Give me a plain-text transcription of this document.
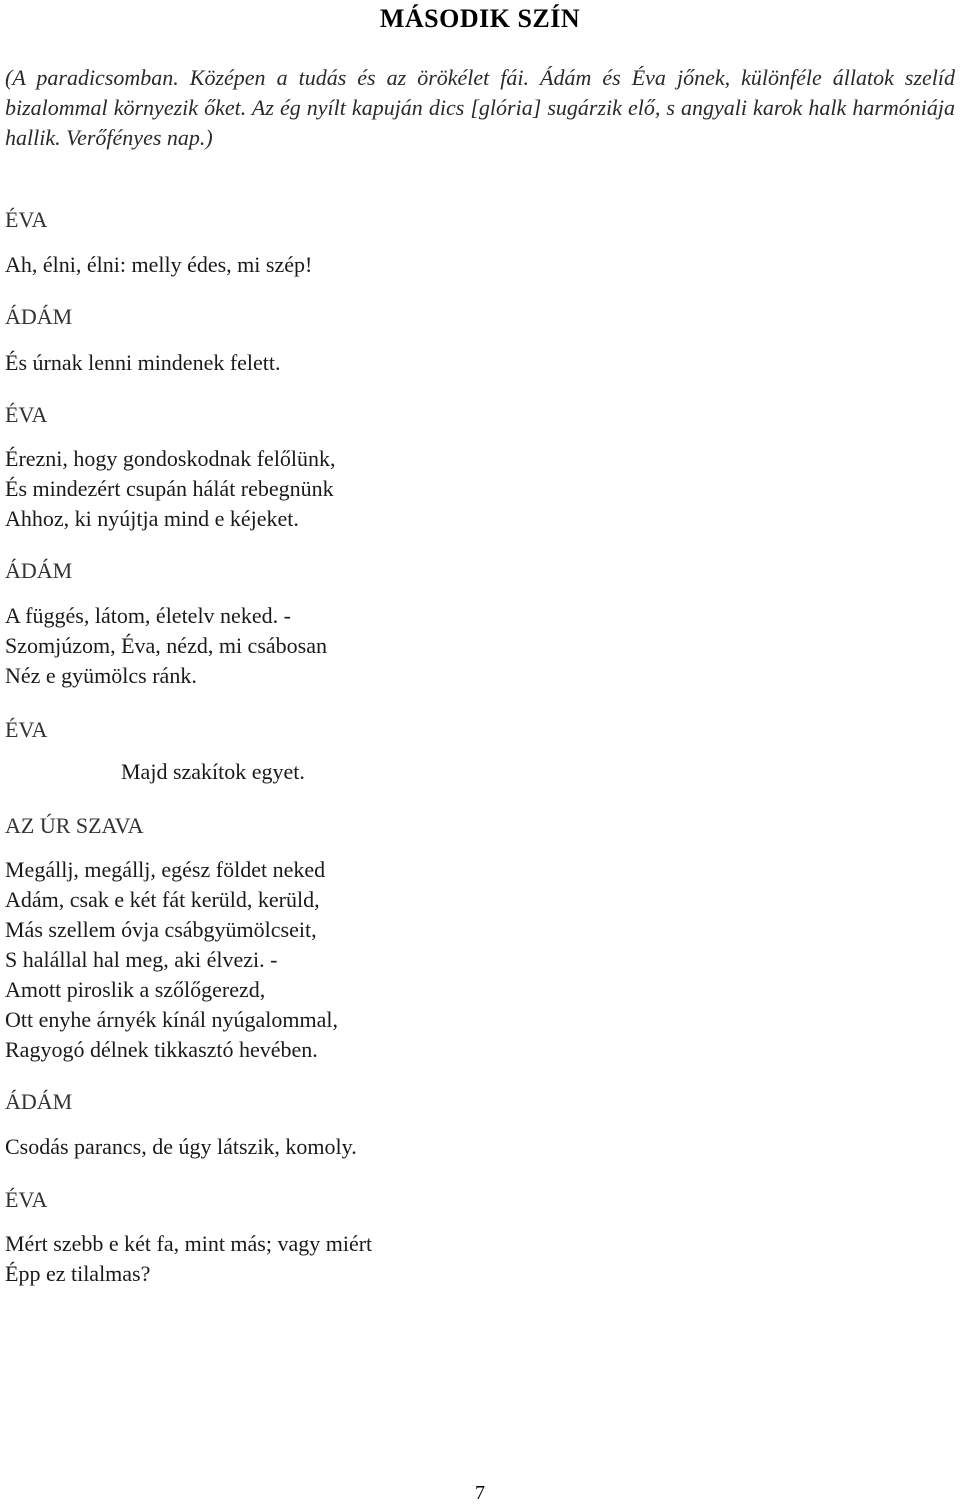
MÁSODIK SZÍN
(A paradicsomban. Középen a tudás és az örökélet fái. Ádám és Éva jőnek, különféle állatok szelíd bizalommal környezik őket. Az ég nyílt kapuján dics [glória] sugárzik elő, s angyali karok halk harmóniája hallik. Verőfényes nap.)
ÉVA
Ah, élni, élni: melly édes, mi szép!
ÁDÁM
És úrnak lenni mindenek felett.
ÉVA
Érezni, hogy gondoskodnak felőlünk,
És mindezért csupán hálát rebegnünk
Ahhoz, ki nyújtja mind e kéjeket.
ÁDÁM
A függés, látom, életelv neked. -
Szomjúzom, Éva, nézd, mi csábosan
Néz e gyümölcs ránk.
ÉVA
Majd szakítok egyet.
AZ ÚR SZAVA
Megállj, megállj, egész földet neked
Adám, csak e két fát kerüld, kerüld,
Más szellem óvja csábgyümölcseit,
S halállal hal meg, aki élvezi. -
Amott piroslik a szőlőgerezd,
Ott enyhe árnyék kínál nyúgalommal,
Ragyogó délnek tikkasztó hevében.
ÁDÁM
Csodás parancs, de úgy látszik, komoly.
ÉVA
Mért szebb e két fa, mint más; vagy miért
Épp ez tilalmas?
7
